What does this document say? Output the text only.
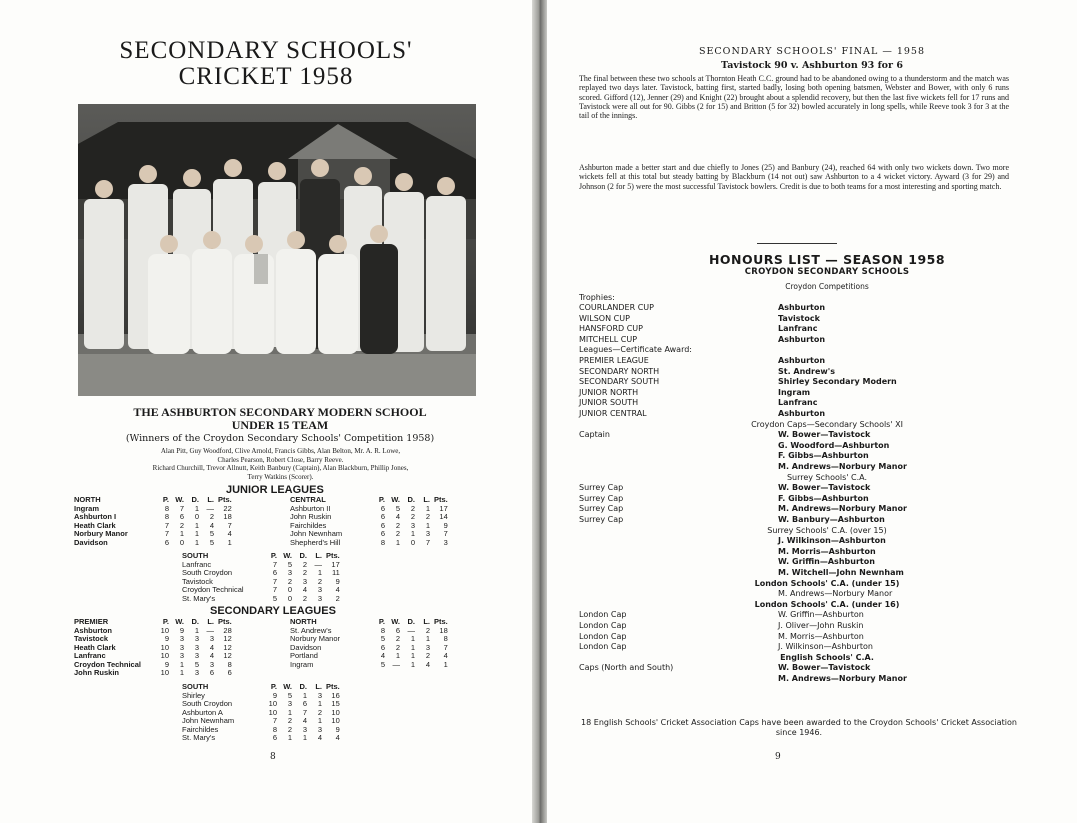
SECONDARY SCHOOLS'
CRICKET 1958
THE ASHBURTON SECONDARY MODERN SCHOOL
UNDER 15 TEAM
(Winners of the Croydon Secondary Schools' Competition 1958)
Alan Pitt, Guy Woodford, Clive Arnold, Francis Gibbs, Alan Belton, Mr. A. R. Lowe,
Charles Pearson, Robert Close, Barry Reeve.
Richard Churchill, Trevor Allnutt, Keith Banbury (Captain), Alan Blackburn, Phillip Jones,
Terry Watkins (Scorer).
JUNIOR LEAGUES
NORTH	P.	W.	D.	L.	Pts.
Ingram	8	7	1	—	22
Ashburton I	8	6	0	2	18
Heath Clark	7	2	1	4	7
Norbury Manor	7	1	1	5	4
Davidson	6	0	1	5	1
CENTRAL	P.	W.	D.	L.	Pts.
Ashburton II	6	5	2	1	17
John Ruskin	6	4	2	2	14
Fairchildes	6	2	3	1	9
John Newnham	6	2	1	3	7
Shepherd's Hill	8	1	0	7	3
SOUTH	P.	W.	D.	L.	Pts.
Lanfranc	7	5	2	—	17
South Croydon	6	3	2	1	11
Tavistock	7	2	3	2	9
Croydon Technical	7	0	4	3	4
St. Mary's	5	0	2	3	2
SECONDARY LEAGUES
PREMIER	P.	W.	D.	L.	Pts.
Ashburton	10	9	1	—	28
Tavistock	9	3	3	3	12
Heath Clark	10	3	3	4	12
Lanfranc	10	3	3	4	12
Croydon Technical	9	1	5	3	8
John Ruskin	10	1	3	6	6
NORTH	P.	W.	D.	L.	Pts.
St. Andrew's	8	6	—	2	18
Norbury Manor	5	2	1	1	8
Davidson	6	2	1	3	7
Portland	4	1	1	2	4
Ingram	5	—	1	4	1
SOUTH	P.	W.	D.	L.	Pts.
Shirley	9	5	1	3	16
South Croydon	10	3	6	1	15
Ashburton A	10	1	7	2	10
John Newnham	7	2	4	1	10
Fairchildes	8	2	3	3	9
St. Mary's	6	1	1	4	4
8
SECONDARY SCHOOLS' FINAL — 1958
Tavistock 90 v. Ashburton 93 for 6

The final between these two schools at Thornton Heath C.C. ground had to be abandoned owing to a thunderstorm and the match was replayed two days later. Tavistock, batting first, started badly, losing both opening batsmen, Webster and Bower, with only 6 runs scored. Gifford (12), Jenner (29) and Knight (22) brought about a splendid recovery, but then the last five wickets fell for 17 runs and Tavistock were all out for 90. Gibbs (2 for 15) and Britton (5 for 32) bowled accurately in long spells, while Reeve took 3 for 3 at the tail of the innings.

Ashburton made a better start and due chiefly to Jones (25) and Banbury (24), reached 64 with only two wickets down. Two more wickets fell at this total but steady batting by Blackburn (14 not out) saw Ashburton to a 4 wicket victory. Ayward (3 for 29) and Johnson (2 for 5) were the most successful Tavistock bowlers. Credit is due to both teams for a most interesting and sporting match.

HONOURS LIST — SEASON 1958
CROYDON SECONDARY SCHOOLS
Croydon Competitions
Trophies:
COURLANDER CUP	Ashburton
WILSON CUP	Tavistock
HANSFORD CUP	Lanfranc
MITCHELL CUP	Ashburton
Leagues—Certificate Award:
PREMIER LEAGUE	Ashburton
SECONDARY NORTH	St. Andrew's
SECONDARY SOUTH	Shirley Secondary Modern
JUNIOR NORTH	Ingram
JUNIOR SOUTH	Lanfranc
JUNIOR CENTRAL	Ashburton
Croydon Caps—Secondary Schools' XI
Captain	W. Bower—Tavistock
G. Woodford—Ashburton
F. Gibbs—Ashburton
M. Andrews—Norbury Manor
Surrey Schools' C.A.
Surrey Cap	W. Bower—Tavistock
Surrey Cap	F. Gibbs—Ashburton
Surrey Cap	M. Andrews—Norbury Manor
Surrey Cap	W. Banbury—Ashburton
Surrey Schools' C.A. (over 15)
J. Wilkinson—Ashburton
M. Morris—Ashburton
W. Griffin—Ashburton
M. Witchell—John Newnham
London Schools' C.A. (under 15)
M. Andrews—Norbury Manor
London Schools' C.A. (under 16)
London Cap	W. Griffin—Ashburton
London Cap	J. Oliver—John Ruskin
London Cap	M. Morris—Ashburton
London Cap	J. Wilkinson—Ashburton
English Schools' C.A.
Caps (North and South)	W. Bower—Tavistock
M. Andrews—Norbury Manor
18 English Schools' Cricket Association Caps have been awarded to the Croydon Schools' Cricket Association since 1946.
9
